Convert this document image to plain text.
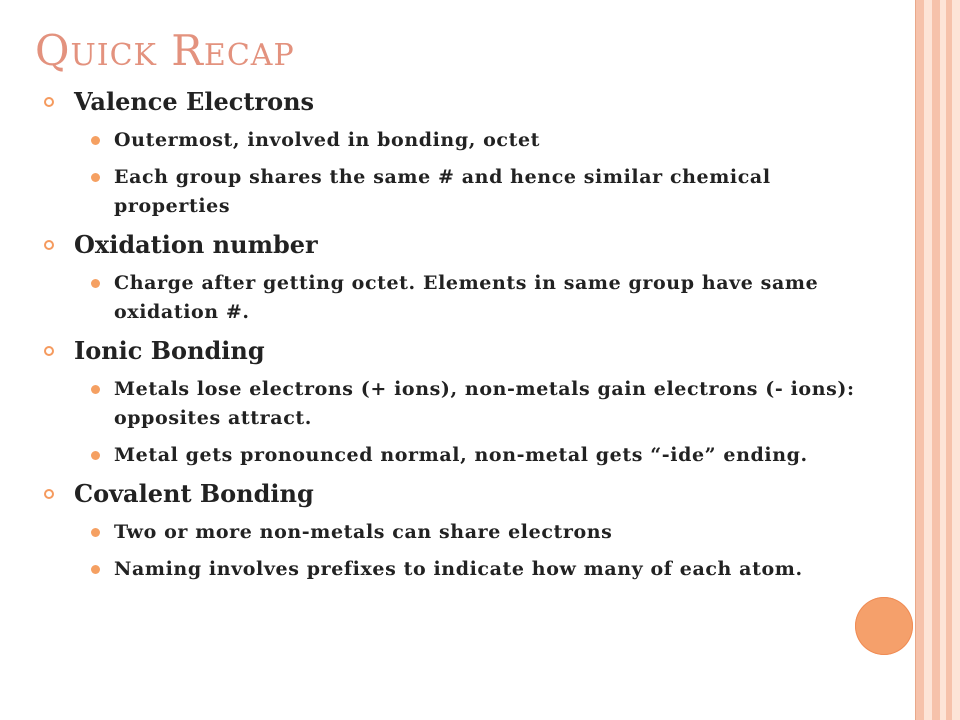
QUICK RECAP

Valence Electrons

Outermost, involved in bonding, octet

Each group shares the same # and hence similar chemical properties

Oxidation number

Charge after getting octet. Elements in same group have same oxidation #.

Ionic Bonding

Metals lose electrons (+ ions), non-metals gain electrons (- ions): opposites attract.

Metal gets pronounced normal, non-metal gets “-ide” ending.

Covalent Bonding

Two or more non-metals can share electrons

Naming involves prefixes to indicate how many of each atom.
